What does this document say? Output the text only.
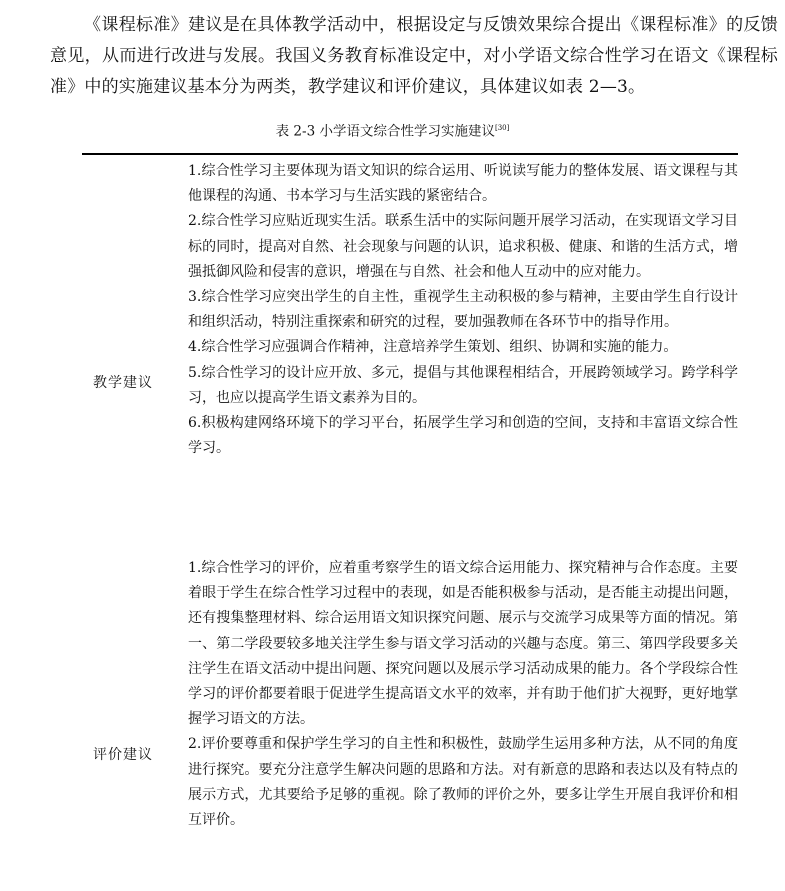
《课程标准》建议是在具体教学活动中，根据设定与反馈效果综合提出《课程标准》的反馈意见，从而进行改进与发展。我国义务教育标准设定中，对小学语文综合性学习在语文《课程标准》中的实施建议基本分为两类，教学建议和评价建议，具体建议如表 2—3。

表 2-3 小学语文综合性学习实施建议[30]
教学建议

1.综合性学习主要体现为语文知识的综合运用、听说读写能力的整体发展、语文课程与其他课程的沟通、书本学习与生活实践的紧密结合。

2.综合性学习应贴近现实生活。联系生活中的实际问题开展学习活动，在实现语文学习目标的同时，提高对自然、社会现象与问题的认识，追求积极、健康、和谐的生活方式，增强抵御风险和侵害的意识，增强在与自然、社会和他人互动中的应对能力。

3.综合性学习应突出学生的自主性，重视学生主动积极的参与精神，主要由学生自行设计和组织活动，特别注重探索和研究的过程，要加强教师在各环节中的指导作用。

4.综合性学习应强调合作精神，注意培养学生策划、组织、协调和实施的能力。

5.综合性学习的设计应开放、多元，提倡与其他课程相结合，开展跨领域学习。跨学科学习，也应以提高学生语文素养为目的。

6.积极构建网络环境下的学习平台，拓展学生学习和创造的空间，支持和丰富语文综合性学习。

评价建议

1.综合性学习的评价，应着重考察学生的语文综合运用能力、探究精神与合作态度。主要着眼于学生在综合性学习过程中的表现，如是否能积极参与活动，是否能主动提出问题，还有搜集整理材料、综合运用语文知识探究问题、展示与交流学习成果等方面的情况。第一、第二学段要较多地关注学生参与语文学习活动的兴趣与态度。第三、第四学段要多关注学生在语文活动中提出问题、探究问题以及展示学习活动成果的能力。各个学段综合性学习的评价都要着眼于促进学生提高语文水平的效率，并有助于他们扩大视野，更好地掌握学习语文的方法。

2.评价要尊重和保护学生学习的自主性和积极性，鼓励学生运用多种方法，从不同的角度进行探究。要充分注意学生解决问题的思路和方法。对有新意的思路和表达以及有特点的展示方式，尤其要给予足够的重视。除了教师的评价之外，要多让学生开展自我评价和相互评价。
